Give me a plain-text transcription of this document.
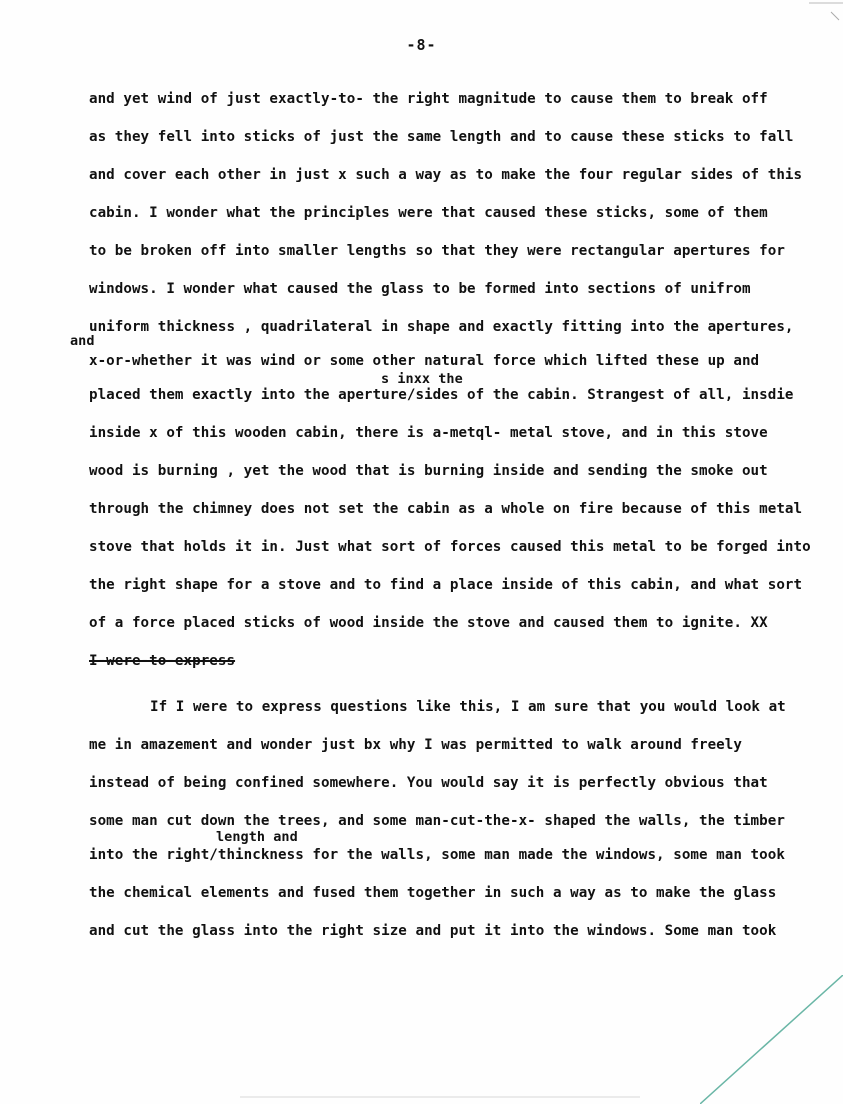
-8-
and yet wind of just exactly-to- the right magnitude to cause them to break off
as they fell into sticks of just the same length and to cause these sticks to fall
and cover each other in just x such a way as to make the four regular sides of this
cabin. I wonder what the principles were that caused these sticks, some of them
to be broken off into smaller lengths so that they were rectangular apertures for
windows. I wonder what caused the glass to be formed into sections of unifrom
uniform thickness , quadrilateral in shape and exactly fitting into the apertures,
and
x-or-whether it was wind or some other natural force which lifted these up and
s inxx the
placed them exactly into the aperture/sides of the cabin. Strangest of all, insdie
inside x of this wooden cabin, there is a-metql- metal stove, and in this stove
wood is burning , yet the wood that is burning inside and sending the smoke out
through the chimney does not set the cabin as a whole on fire because of this metal
stove that holds it in. Just what sort of forces caused this metal to be forged into
the right shape for a stove and to find a place inside of this cabin, and what sort
of a force placed sticks of wood inside the stove and caused them to ignite. XX
I-were-to-express
If I were to express questions like this, I am sure that you would look at
me in amazement and wonder just bx why I was permitted to walk around freely
instead of being confined somewhere. You would say it is perfectly obvious that
some man cut down the trees, and some man-cut-the-x- shaped the walls, the timber
length and
into the right/thinckness for the walls, some man made the windows, some man took
the chemical elements and fused them together in such a way as to make the glass
and cut the glass into the right size and put it into the windows. Some man took
